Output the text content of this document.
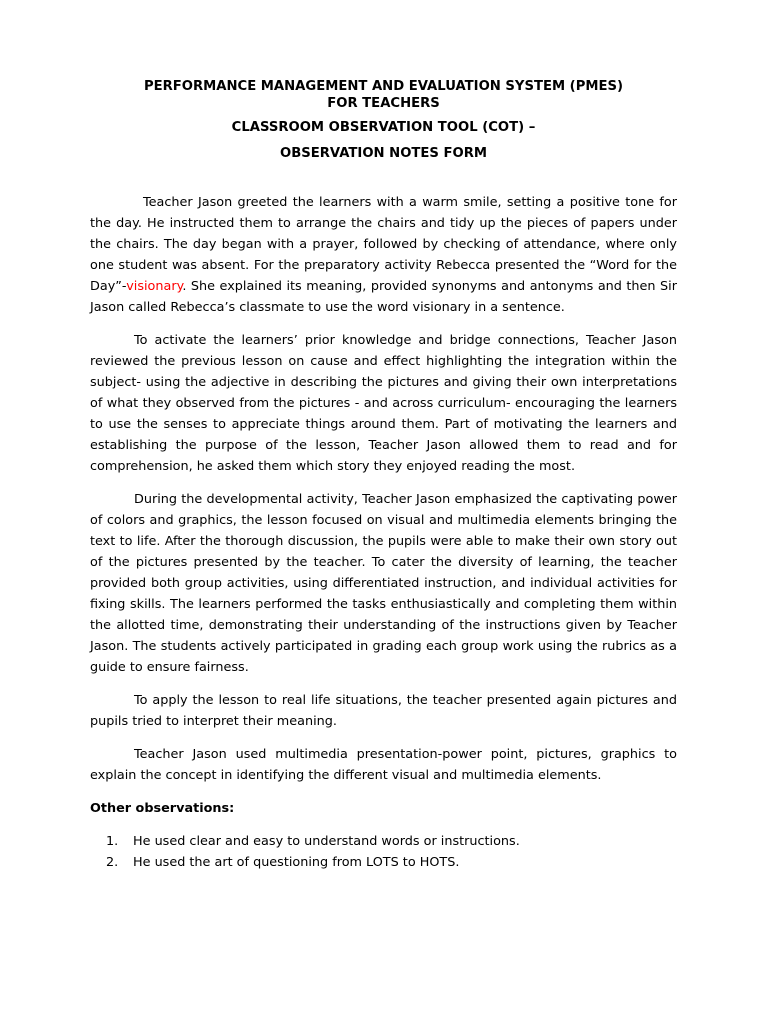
PERFORMANCE MANAGEMENT AND EVALUATION SYSTEM (PMES)
FOR TEACHERS
CLASSROOM OBSERVATION TOOL (COT) –
OBSERVATION NOTES FORM

Teacher Jason greeted the learners with a warm smile, setting a positive tone for the day. He instructed them to arrange the chairs and tidy up the pieces of papers under the chairs. The day began with a prayer, followed by checking of attendance, where only one student was absent. For the preparatory activity Rebecca presented the “Word for the Day”-visionary. She explained its meaning, provided synonyms and antonyms and then Sir Jason called Rebecca’s classmate to use the word visionary in a sentence.

To activate the learners’ prior knowledge and bridge connections, Teacher Jason reviewed the previous lesson on cause and effect highlighting the integration within the subject- using the adjective in describing the pictures and giving their own interpretations of what they observed from the pictures - and across curriculum- encouraging the learners to use the senses to appreciate things around them. Part of motivating the learners and establishing the purpose of the lesson, Teacher Jason allowed them to read and for comprehension, he asked them which story they enjoyed reading the most.

During the developmental activity, Teacher Jason emphasized the captivating power of colors and graphics, the lesson focused on visual and multimedia elements bringing the text to life. After the thorough discussion, the pupils were able to make their own story out of the pictures presented by the teacher. To cater the diversity of learning, the teacher provided both group activities, using differentiated instruction, and individual activities for fixing skills. The learners performed the tasks enthusiastically and completing them within the allotted time, demonstrating their understanding of the instructions given by Teacher Jason. The students actively participated in grading each group work using the rubrics as a guide to ensure fairness.

To apply the lesson to real life situations, the teacher presented again pictures and pupils tried to interpret their meaning.

Teacher Jason used multimedia presentation-power point, pictures, graphics to explain the concept in identifying the different visual and multimedia elements.

Other observations:
1.	He used clear and easy to understand words or instructions.
2.	He used the art of questioning from LOTS to HOTS.
